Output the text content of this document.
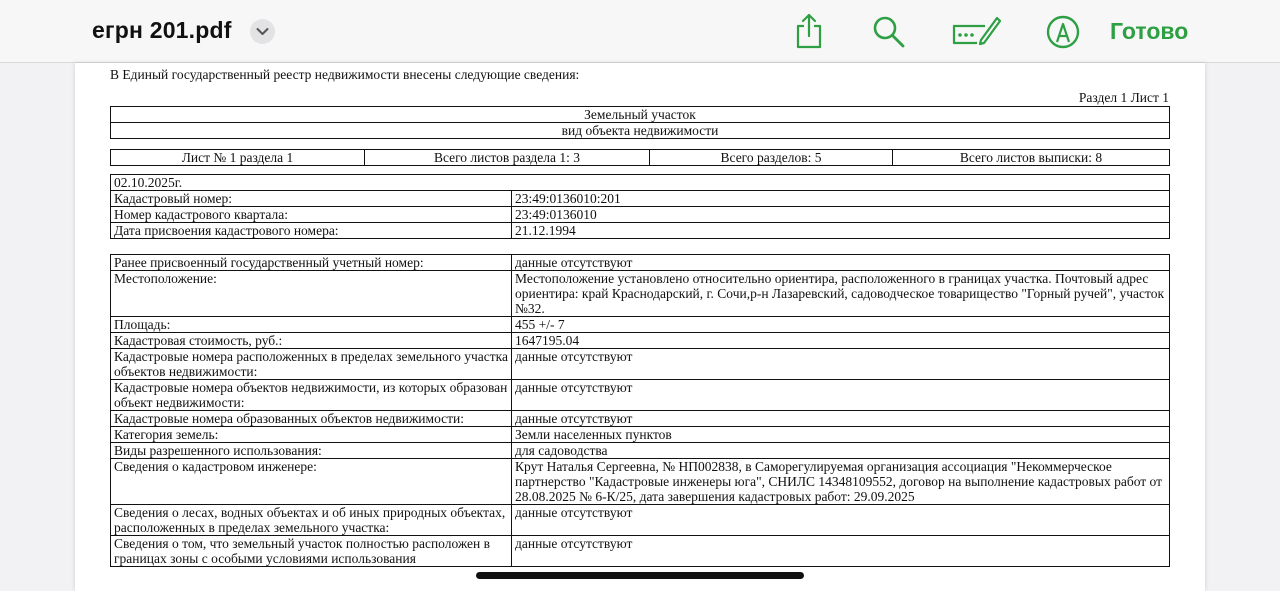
егрн 201.pdf	Готово
В Единый государственный реестр недвижимости внесены следующие сведения:
Раздел 1 Лист 1
Земельный участок
вид объекта недвижимости
Лист № 1 раздела 1	Всего листов раздела 1: 3	Всего разделов: 5	Всего листов выписки: 8
02.10.2025г.	
Кадастровый номер:	23:49:0136010:201
Номер кадастрового квартала:	23:49:0136010
Дата присвоения кадастрового номера:	21.12.1994
Ранее присвоенный государственный учетный номер:	данные отсутствуют
Местоположение:	Местоположение установлено относительно ориентира, расположенного в границах участка. Почтовый адрес ориентира: край Краснодарский, г. Сочи,р-н Лазаревский, садоводческое товарищество "Горный ручей", участок №32.
Площадь:	455 +/- 7
Кадастровая стоимость, руб.:	1647195.04
Кадастровые номера расположенных в пределах земельного участка объектов недвижимости:	данные отсутствуют
Кадастровые номера объектов недвижимости, из которых образован объект недвижимости:	данные отсутствуют
Кадастровые номера образованных объектов недвижимости:	данные отсутствуют
Категория земель:	Земли населенных пунктов
Виды разрешенного использования:	для садоводства
Сведения о кадастровом инженере:	Крут Наталья Сергеевна, № НП002838, в Саморегулируемая организация ассоциация "Некоммерческое партнерство "Кадастровые инженеры юга", СНИЛС 14348109552, договор на выполнение кадастровых работ от 28.08.2025 № 6-К/25, дата завершения кадастровых работ: 29.09.2025
Сведения о лесах, водных объектах и об иных природных объектах, расположенных в пределах земельного участка:	данные отсутствуют
Сведения о том, что земельный участок полностью расположен в границах зоны с особыми условиями использования	данные отсутствуют
